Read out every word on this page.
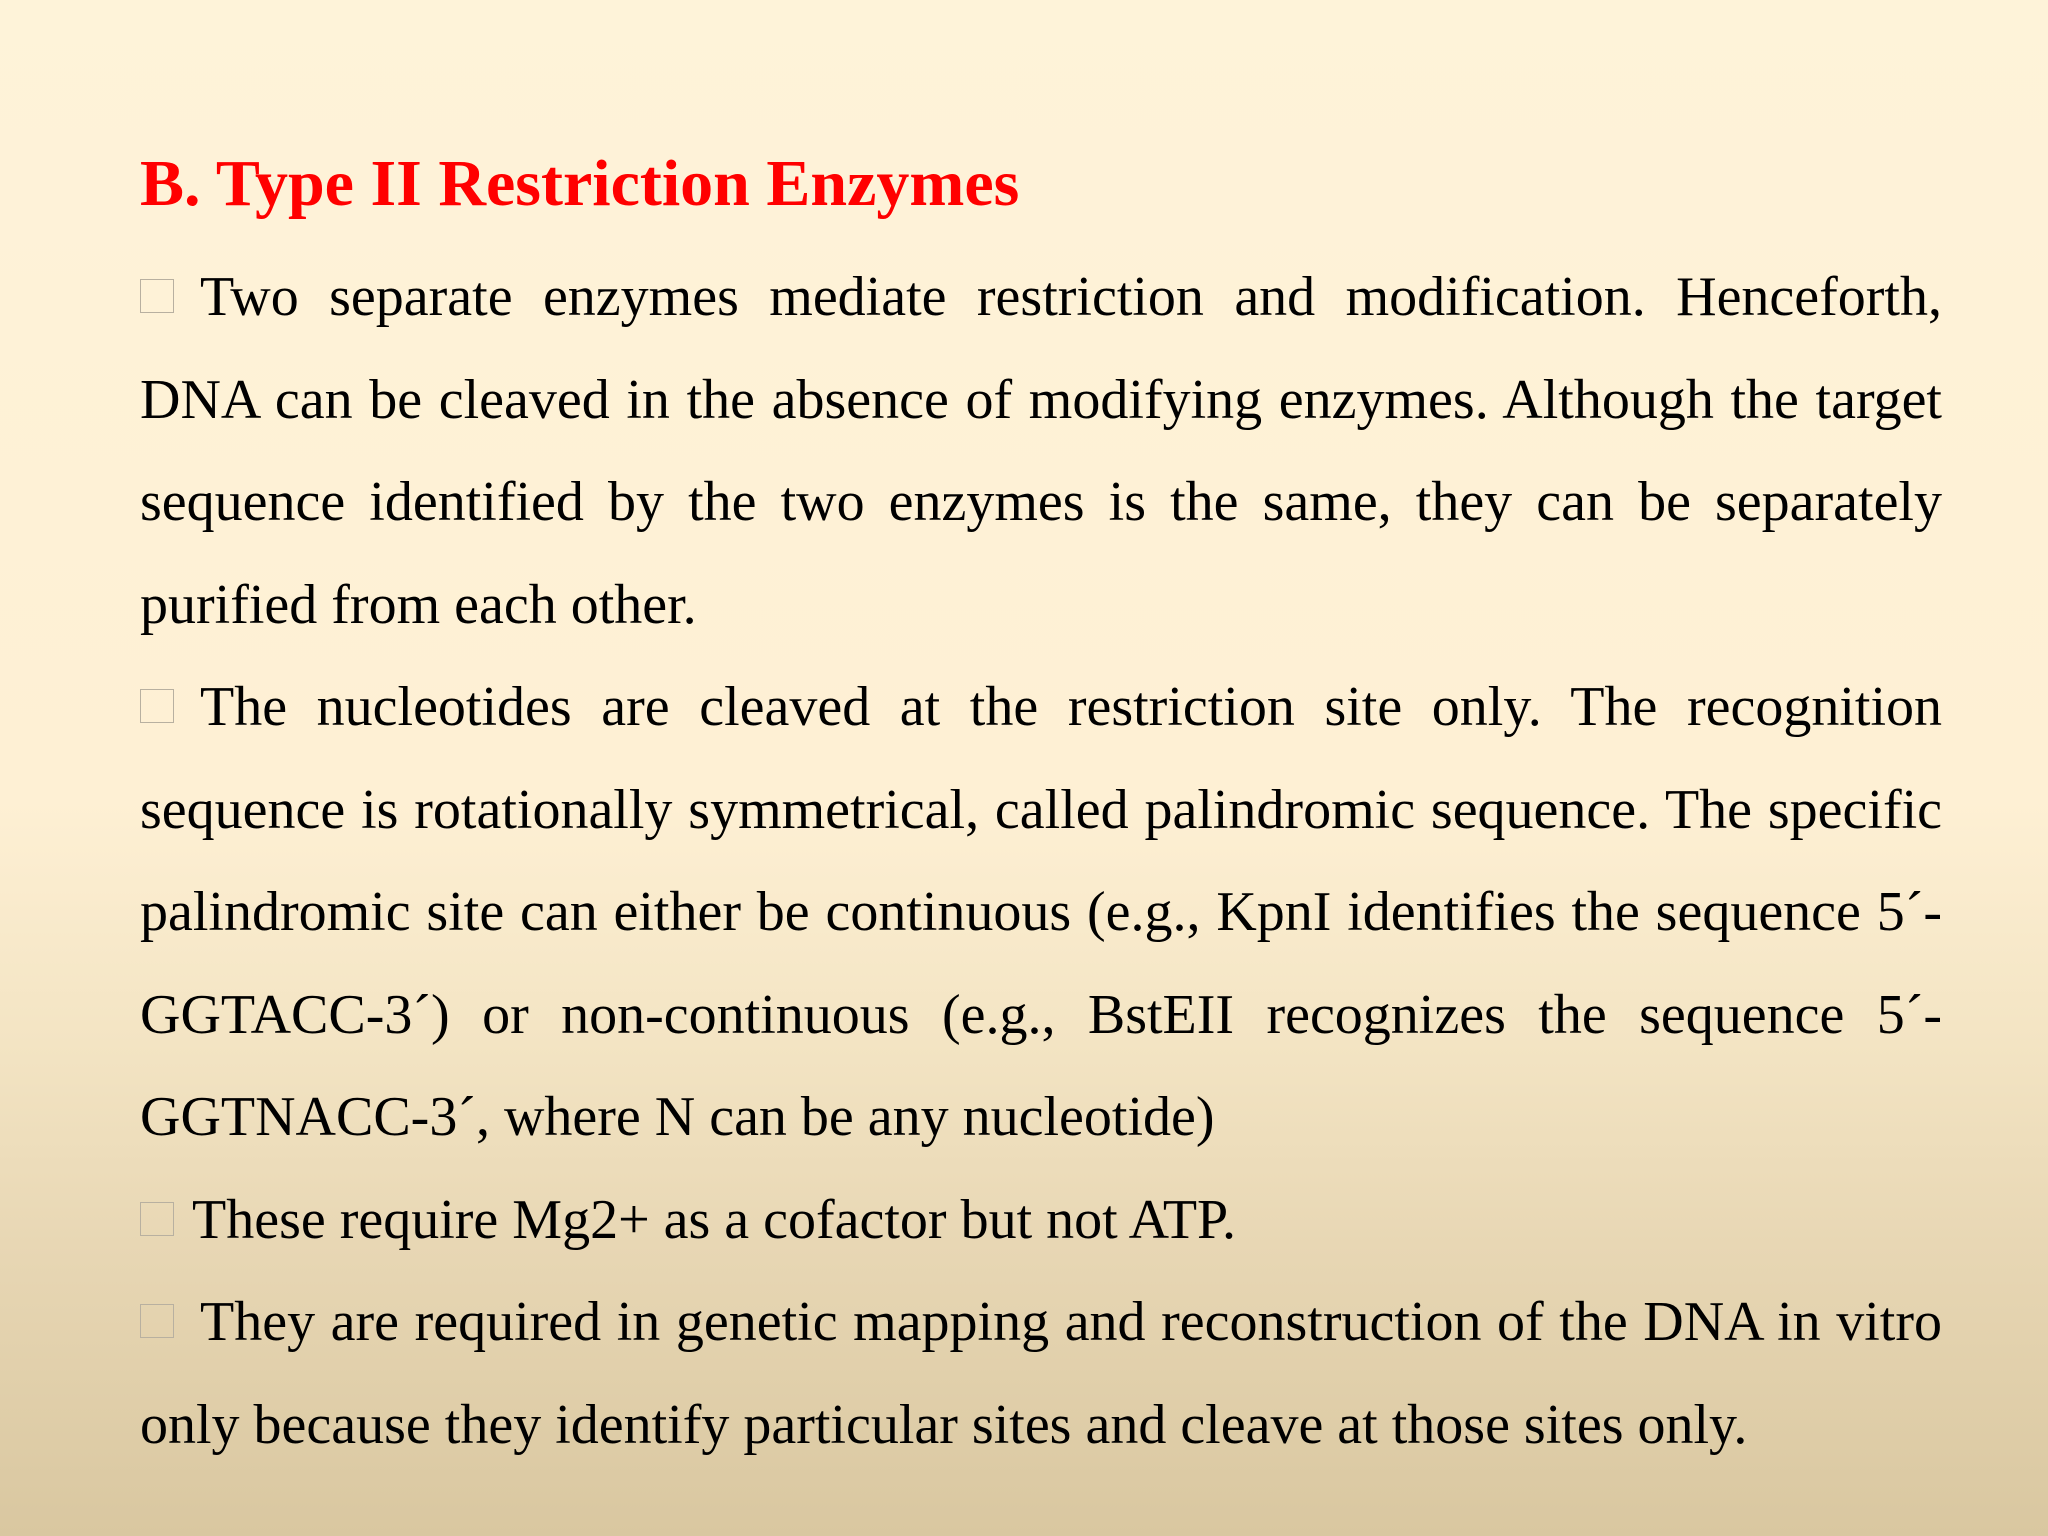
B. Type II Restriction Enzymes

Two separate enzymes mediate restriction and modification. Henceforth, DNA can be cleaved in the absence of modifying enzymes. Although the target sequence identified by the two enzymes is the same, they can be separately purified from each other.

The nucleotides are cleaved at the restriction site only. The recognition sequence is rotationally symmetrical, called palindromic sequence. The specific palindromic site can either be continuous (e.g., KpnI identifies the sequence 5´-GGTACC-3´) or non-continuous (e.g., BstEII recognizes the sequence 5´-GGTNACC-3´, where N can be any nucleotide)

These require Mg2+ as a cofactor but not ATP.

They are required in genetic mapping and reconstruction of the DNA in vitro only because they identify particular sites and cleave at those sites only.
